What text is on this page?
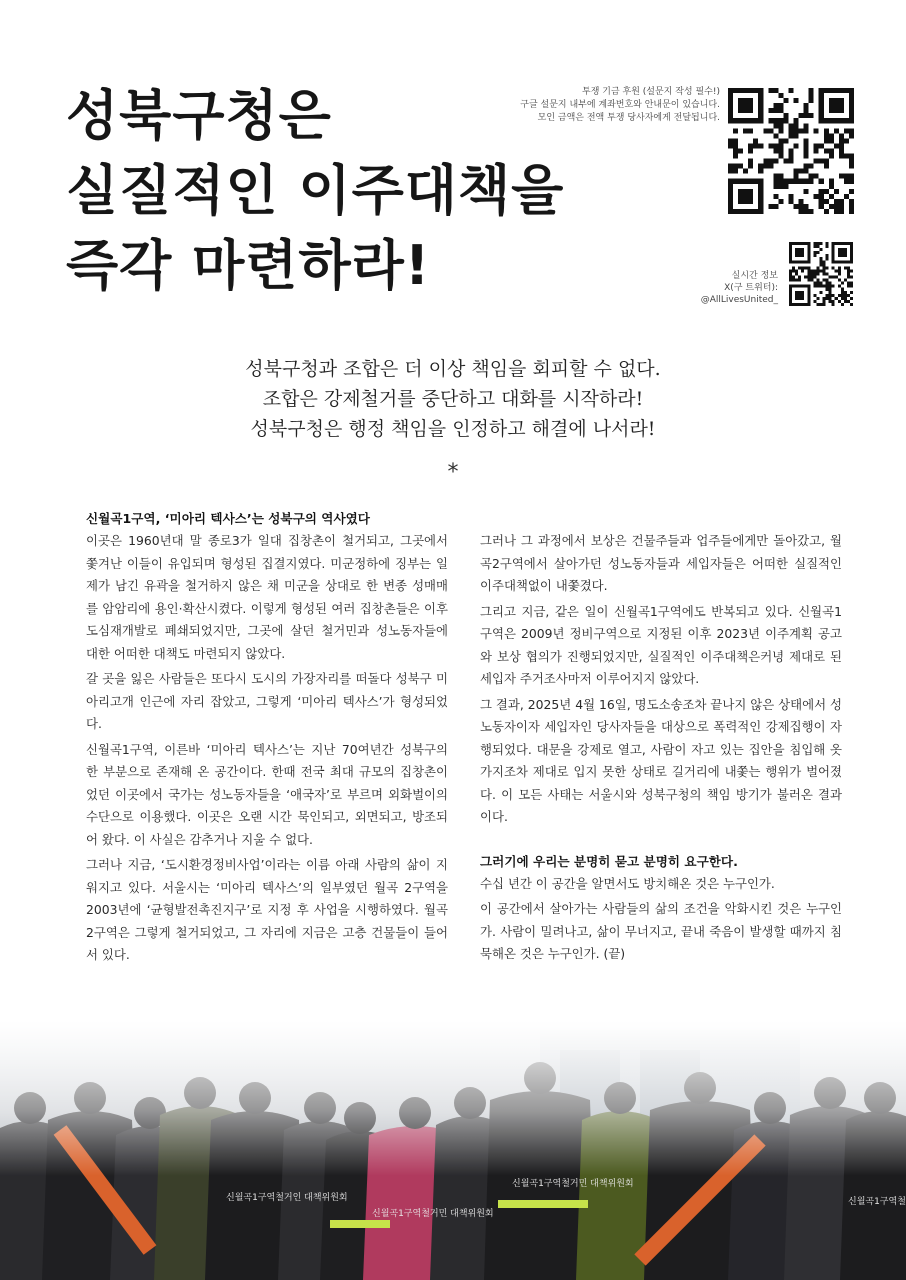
성북구청은
실질적인 이주대책을
즉각 마련하라!
투쟁 기금 후원 (설문지 작성 필수!)
구글 설문지 내부에 계좌번호와 안내문이 있습니다.
모인 금액은 전액 투쟁 당사자에게 전달됩니다.
실시간 정보
X(구 트위터):
@AllLivesUnited_
성북구청과 조합은 더 이상 책임을 회피할 수 없다.
조합은 강제철거를 중단하고 대화를 시작하라!
성북구청은 행정 책임을 인정하고 해결에 나서라!
*
신월곡1구역, ‘미아리 텍사스’는 성북구의 역사였다

이곳은 1960년대 말 종로3가 일대 집창촌이 철거되고, 그곳에서 쫓겨난 이들이 유입되며 형성된 집결지였다. 미군정하에 징부는 일제가 남긴 유곽을 철거하지 않은 채 미군을 상대로 한 변종 성매매를 암암리에 용인·확산시켰다. 이렇게 형성된 여러 집창촌들은 이후 도심재개발로 폐쇄되었지만, 그곳에 살던 철거민과 성노동자들에 대한 어떠한 대책도 마련되지 않았다.

갈 곳을 잃은 사람들은 또다시 도시의 가장자리를 떠돌다 성북구 미아리고개 인근에 자리 잡았고, 그렇게 ‘미아리 텍사스’가 형성되었다.

신월곡1구역, 이른바 ‘미아리 텍사스’는 지난 70여년간 성북구의 한 부분으로 존재해 온 공간이다. 한때 전국 최대 규모의 집창촌이었던 이곳에서 국가는 성노동자들을 ‘애국자’로 부르며 외화벌이의 수단으로 이용했다. 이곳은 오랜 시간 묵인되고, 외면되고, 방조되어 왔다. 이 사실은 감추거나 지울 수 없다.

그러나 지금, ‘도시환경정비사업’이라는 이름 아래 사람의 삶이 지워지고 있다. 서울시는 ‘미아리 텍사스’의 일부였던 월곡 2구역을 2003년에 ‘균형발전촉진지구’로 지정 후 사업을 시행하였다. 월곡 2구역은 그렇게 철거되었고, 그 자리에 지금은 고층 건물들이 들어서 있다.

그러나 그 과정에서 보상은 건물주들과 업주들에게만 돌아갔고, 월곡2구역에서 살아가던 성노동자들과 세입자들은 어떠한 실질적인 이주대책없이 내쫓겼다.

그리고 지금, 같은 일이 신월곡1구역에도 반복되고 있다. 신월곡1구역은 2009년 정비구역으로 지정된 이후 2023년 이주계획 공고와 보상 협의가 진행되었지만, 실질적인 이주대책은커녕 제대로 된 세입자 주거조사마저 이루어지지 않았다.

그 결과, 2025년 4월 16일, 명도소송조차 끝나지 않은 상태에서 성노동자이자 세입자인 당사자들을 대상으로 폭력적인 강제집행이 자행되었다. 대문을 강제로 열고, 사람이 자고 있는 집안을 침입해 옷가지조차 제대로 입지 못한 상태로 길거리에 내쫓는 행위가 벌어졌다. 이 모든 사태는 서울시와 성북구청의 책임 방기가 불러온 결과이다.

그러기에 우리는 분명히 묻고 분명히 요구한다.

수십 년간 이 공간을 알면서도 방치해온 것은 누구인가.

이 공간에서 살아가는 사람들의 삶의 조건을 악화시킨 것은 누구인가. 사람이 밀려나고, 삶이 무너지고, 끝내 죽음이 발생할 때까지 침묵해온 것은 누구인가. (끝)
